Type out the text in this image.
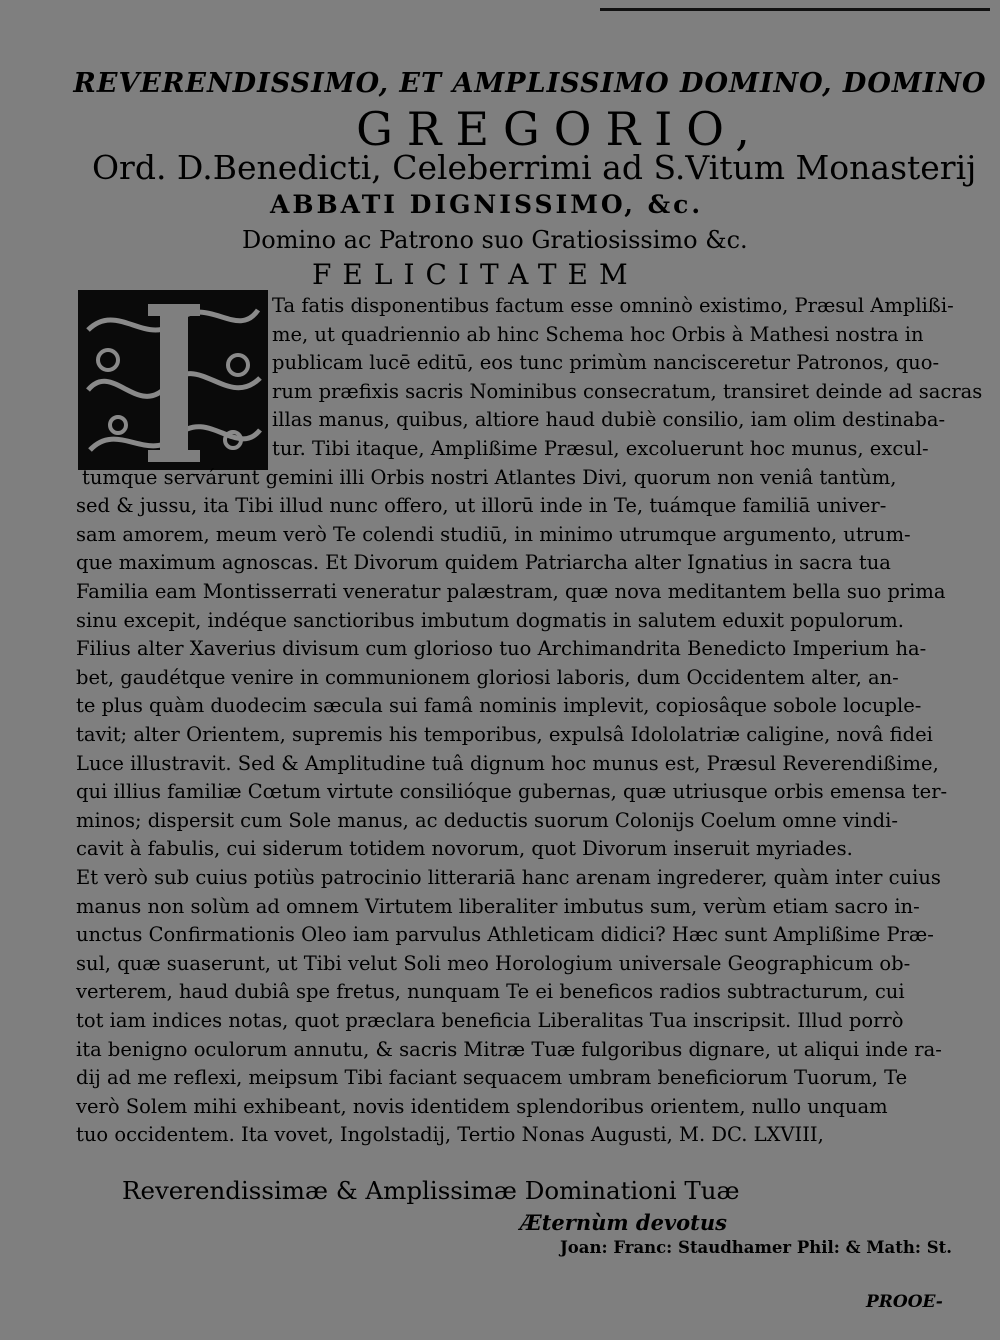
REVERENDISSIMO, ET AMPLISSIMO DOMINO, DOMINO
GREGORIO,
Ord. D.Benedicti, Celeberrimi ad S.Vitum Monasterij
ABBATI DIGNISSIMO, &c.
Domino ac Patrono suo Gratiosissimo &c.
FELICITATEM
Ta fatis disponentibus factum esse omninò existimo, Præsul Amplißi-
me, ut quadriennio ab hinc Schema hoc Orbis à Mathesi nostra in
publicam lucē editū, eos tunc primùm nancisceretur Patronos, quo-
rum præfixis sacris Nominibus consecratum, transiret deinde ad sacras
illas manus, quibus, altiore haud dubiè consilio, iam olim destinaba-
tur. Tibi itaque, Amplißime Præsul, excoluerunt hoc munus, excul-
tumque servárunt gemini illi Orbis nostri Atlantes Divi, quorum non veniâ tantùm,
sed & jussu, ita Tibi illud nunc offero, ut illorū inde in Te, tuámque familiā univer-
sam amorem, meum verò Te colendi studiū, in minimo utrumque argumento, utrum-
que maximum agnoscas. Et Divorum quidem Patriarcha alter Ignatius in sacra tua
Familia eam Montisserrati veneratur palæstram, quæ nova meditantem bella suo prima
sinu excepit, indéque sanctioribus imbutum dogmatis in salutem eduxit populorum.
Filius alter Xaverius divisum cum glorioso tuo Archimandrita Benedicto Imperium ha-
bet, gaudétque venire in communionem gloriosi laboris, dum Occidentem alter, an-
te plus quàm duodecim sæcula sui famâ nominis implevit, copiosâque sobole locuple-
tavit; alter Orientem, supremis his temporibus, expulsâ Idololatriæ caligine, novâ fidei
Luce illustravit. Sed & Amplitudine tuâ dignum hoc munus est, Præsul Reverendißime,
qui illius familiæ Cœtum virtute consilióque gubernas, quæ utriusque orbis emensa ter-
minos; dispersit cum Sole manus, ac deductis suorum Colonijs Coelum omne vindi-
cavit à fabulis, cui siderum totidem novorum, quot Divorum inseruit myriades.
Et verò sub cuius potiùs patrocinio litterariā hanc arenam ingrederer, quàm inter cuius
manus non solùm ad omnem Virtutem liberaliter imbutus sum, verùm etiam sacro in-
unctus Confirmationis Oleo iam parvulus Athleticam didici? Hæc sunt Amplißime Præ-
sul, quæ suaserunt, ut Tibi velut Soli meo Horologium universale Geographicum ob-
verterem, haud dubiâ spe fretus, nunquam Te ei beneficos radios subtracturum, cui
tot iam indices notas, quot præclara beneficia Liberalitas Tua inscripsit. Illud porrò
ita benigno oculorum annutu, & sacris Mitræ Tuæ fulgoribus dignare, ut aliqui inde ra-
dij ad me reflexi, meipsum Tibi faciant sequacem umbram beneficiorum Tuorum, Te
verò Solem mihi exhibeant, novis identidem splendoribus orientem, nullo unquam
tuo occidentem. Ita vovet, Ingolstadij, Tertio Nonas Augusti, M. DC. LXVIII,
Reverendissimæ & Amplissimæ Dominationi Tuæ
Æternùm devotus
Joan: Franc: Staudhamer Phil: & Math: St.
PROOE-
